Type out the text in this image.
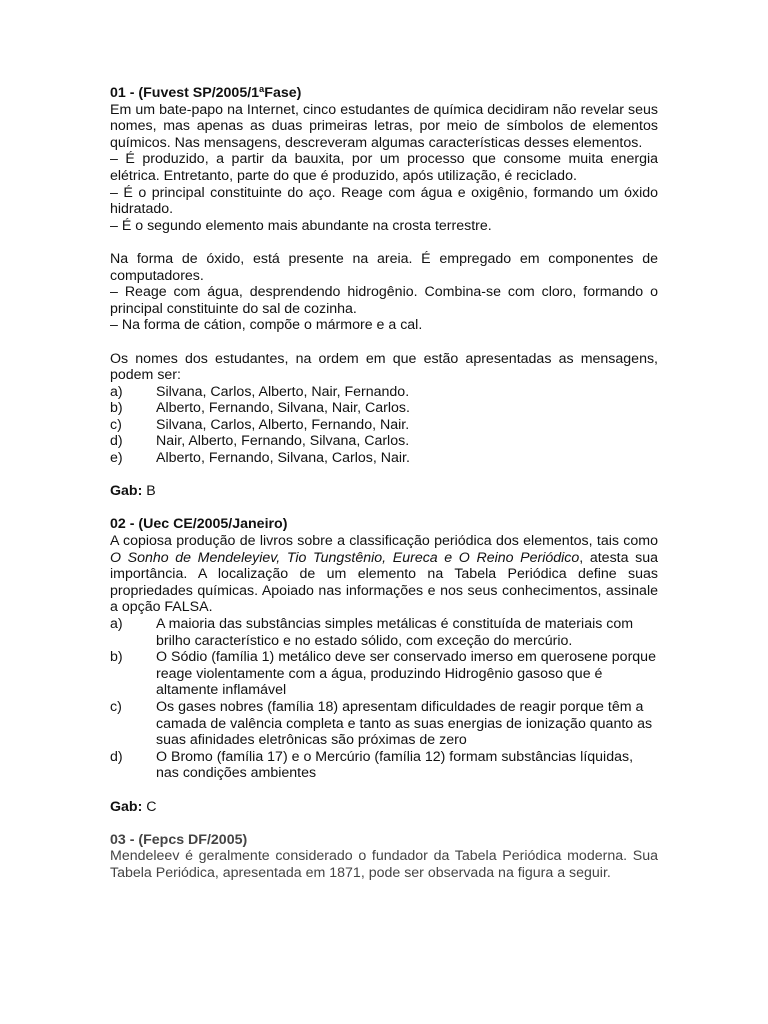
01 - (Fuvest SP/2005/1ªFase)

Em um bate-papo na Internet, cinco estudantes de química decidiram não revelar seus nomes, mas apenas as duas primeiras letras, por meio de símbolos de elementos químicos. Nas mensagens, descreveram algumas características desses elementos.

– É produzido, a partir da bauxita, por um processo que consome muita energia elétrica. Entretanto, parte do que é produzido, após utilização, é reciclado.

– É o principal constituinte do aço. Reage com água e oxigênio, formando um óxido hidratado.

– É o segundo elemento mais abundante na crosta terrestre.

Na forma de óxido, está presente na areia. É empregado em componentes de computadores.

– Reage com água, desprendendo hidrogênio. Combina-se com cloro, formando o principal constituinte do sal de cozinha.

– Na forma de cátion, compõe o mármore e a cal.

Os nomes dos estudantes, na ordem em que estão apresentadas as mensagens, podem ser:

a)	Silvana, Carlos, Alberto, Nair, Fernando.
b)	Alberto, Fernando, Silvana, Nair, Carlos.
c)	Silvana, Carlos, Alberto, Fernando, Nair.
d)	Nair, Alberto, Fernando, Silvana, Carlos.
e)	Alberto, Fernando, Silvana, Carlos, Nair.

Gab: B

02 - (Uec CE/2005/Janeiro)

A copiosa produção de livros sobre a classificação periódica dos elementos, tais como O Sonho de Mendeleyiev, Tio Tungstênio, Eureca e O Reino Periódico, atesta sua importância. A localização de um elemento na Tabela Periódica define suas propriedades químicas. Apoiado nas informações e nos seus conhecimentos, assinale a opção FALSA.

a)	A maioria das substâncias simples metálicas é constituída de materiais com brilho característico e no estado sólido, com exceção do mercúrio.
b)	O Sódio (família 1) metálico deve ser conservado imerso em querosene porque reage violentamente com a água, produzindo Hidrogênio gasoso que é altamente inflamável
c)	Os gases nobres (família 18) apresentam dificuldades de reagir porque têm a camada de valência completa e tanto as suas energias de ionização quanto as suas afinidades eletrônicas são próximas de zero
d)	O Bromo (família 17) e o Mercúrio (família 12) formam substâncias líquidas, nas condições ambientes

Gab: C

03 - (Fepcs DF/2005)

Mendeleev é geralmente considerado o fundador da Tabela Periódica moderna. Sua Tabela Periódica, apresentada em 1871, pode ser observada na figura a seguir.
